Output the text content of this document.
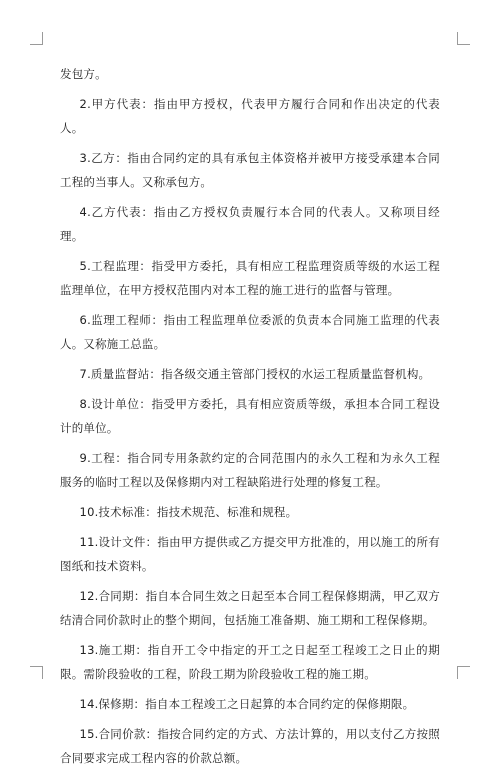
发包方。

2.甲方代表：指由甲方授权，代表甲方履行合同和作出决定的代表人。

3.乙方：指由合同约定的具有承包主体资格并被甲方接受承建本合同工程的当事人。又称承包方。

4.乙方代表：指由乙方授权负责履行本合同的代表人。又称项目经理。

5.工程监理：指受甲方委托，具有相应工程监理资质等级的水运工程监理单位，在甲方授权范围内对本工程的施工进行的监督与管理。

6.监理工程师：指由工程监理单位委派的负责本合同施工监理的代表人。又称施工总监。

7.质量监督站：指各级交通主管部门授权的水运工程质量监督机构。

8.设计单位：指受甲方委托，具有相应资质等级，承担本合同工程设计的单位。

9.工程：指合同专用条款约定的合同范围内的永久工程和为永久工程服务的临时工程以及保修期内对工程缺陷进行处理的修复工程。

10.技术标准：指技术规范、标准和规程。

11.设计文件：指由甲方提供或乙方提交甲方批准的，用以施工的所有图纸和技术资料。

12.合同期：指自本合同生效之日起至本合同工程保修期满，甲乙双方结清合同价款时止的整个期间，包括施工准备期、施工期和工程保修期。

13.施工期：指自开工令中指定的开工之日起至工程竣工之日止的期限。需阶段验收的工程，阶段工期为阶段验收工程的施工期。

14.保修期：指自本工程竣工之日起算的本合同约定的保修期限。

15.合同价款：指按合同约定的方式、方法计算的，用以支付乙方按照合同要求完成工程内容的价款总额。
